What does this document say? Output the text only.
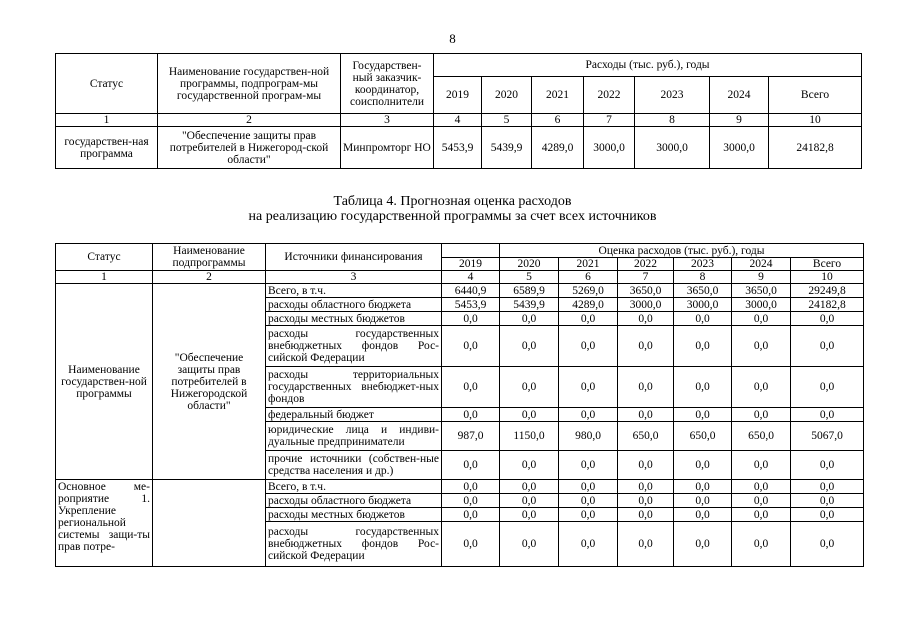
8
Статус	Наименование государствен-ной программы, подпрограм-мы государственной програм-мы	Государствен-ный заказчик-координатор, соисполнители	Расходы (тыс. руб.), годы						
			2019	2020	2021	2022	2023	2024	Всего
1	2	3	4	5	6	7	8	9	10
государствен-ная программа	"Обеспечение защиты прав потребителей в Нижегород-ской области"	Минпромторг НО	5453,9	5439,9	4289,0	3000,0	3000,0	3000,0	24182,8
Таблица 4. Прогнозная оценка расходов
на реализацию государственной программы за счет всех источников
Статус	Наименование подпрограммы	Источники финансирования		Оценка расходов (тыс. руб.), годы					
			2019	2020	2021	2022	2023	2024	Всего
1	2	3	4	5	6	7	8	9	10
Наименование государствен-ной программы	"Обеспечение защиты прав потребителей в Нижегородской области"	Всего, в т.ч.	6440,9	6589,9	5269,0	3650,0	3650,0	3650,0	29249,8
		расходы областного бюджета	5453,9	5439,9	4289,0	3000,0	3000,0	3000,0	24182,8
		расходы местных бюджетов	0,0	0,0	0,0	0,0	0,0	0,0	0,0
		расходы государственных внебюджетных фондов Рос-сийской Федерации	0,0	0,0	0,0	0,0	0,0	0,0	0,0
		расходы территориальных государственных внебюджет-ных фондов	0,0	0,0	0,0	0,0	0,0	0,0	0,0
		федеральный бюджет	0,0	0,0	0,0	0,0	0,0	0,0	0,0
		юридические лица и индиви-дуальные предприниматели	987,0	1150,0	980,0	650,0	650,0	650,0	5067,0
		прочие источники (собствен-ные средства населения и др.)	0,0	0,0	0,0	0,0	0,0	0,0	0,0
Основное ме-роприятие 1. Укрепление региональной системы защи-ты прав потре-		Всего, в т.ч.	0,0	0,0	0,0	0,0	0,0	0,0	0,0
		расходы областного бюджета	0,0	0,0	0,0	0,0	0,0	0,0	0,0
		расходы местных бюджетов	0,0	0,0	0,0	0,0	0,0	0,0	0,0
		расходы государственных внебюджетных фондов Рос-сийской Федерации	0,0	0,0	0,0	0,0	0,0	0,0	0,0
